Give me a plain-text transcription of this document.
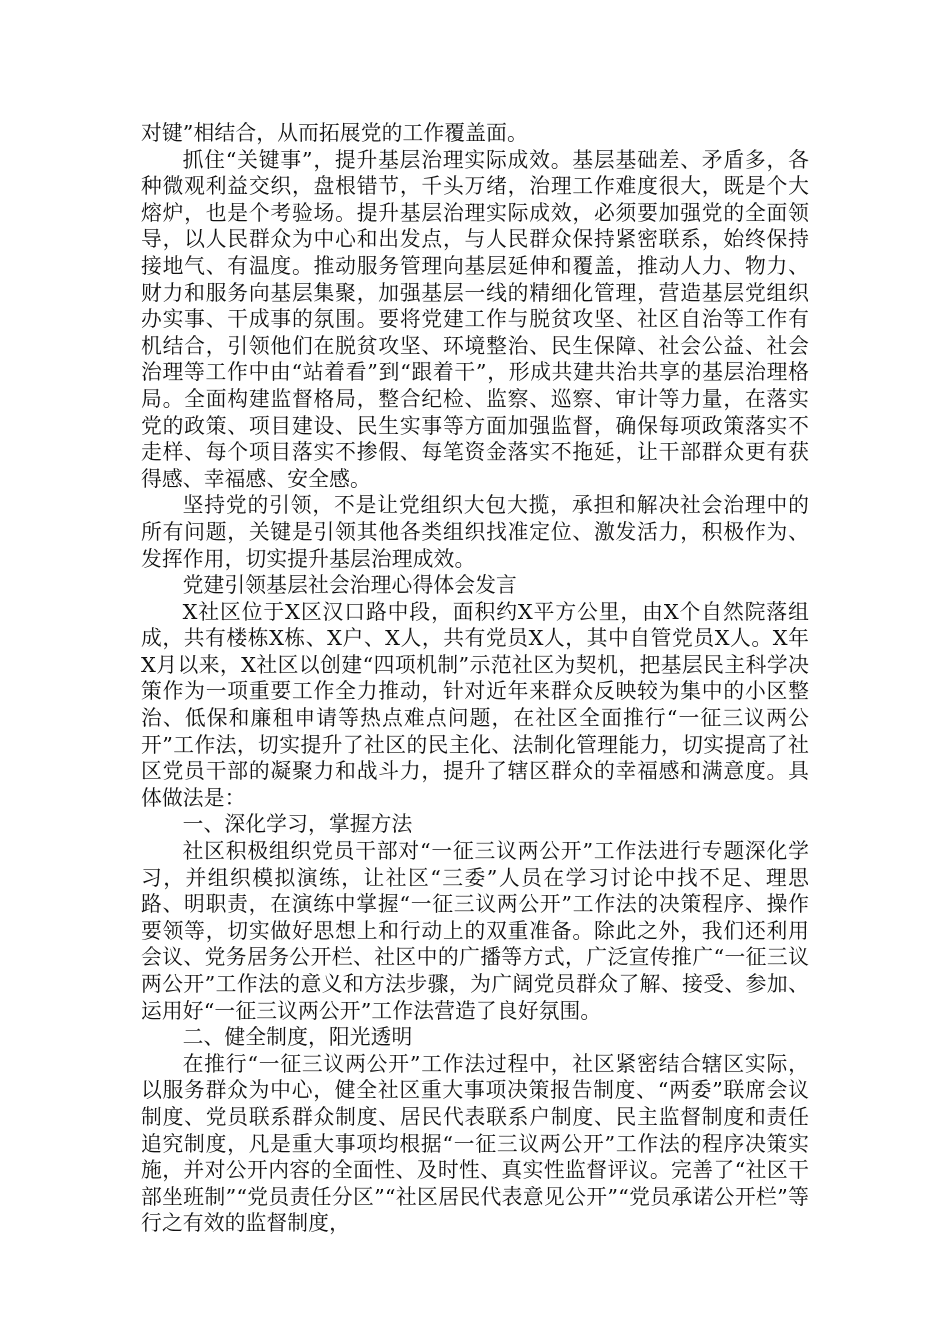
对键”相结合，从而拓展党的工作覆盖面。

抓住“关键事”，提升基层治理实际成效。基层基础差、矛盾多，各种微观利益交织，盘根错节，千头万绪，治理工作难度很大，既是个大熔炉，也是个考验场。提升基层治理实际成效，必须要加强党的全面领导，以人民群众为中心和出发点，与人民群众保持紧密联系，始终保持接地气、有温度。推动服务管理向基层延伸和覆盖，推动人力、物力、财力和服务向基层集聚，加强基层一线的精细化管理，营造基层党组织办实事、干成事的氛围。要将党建工作与脱贫攻坚、社区自治等工作有机结合，引领他们在脱贫攻坚、环境整治、民生保障、社会公益、社会治理等工作中由“站着看”到“跟着干”，形成共建共治共享的基层治理格局。全面构建监督格局，整合纪检、监察、巡察、审计等力量，在落实党的政策、项目建设、民生实事等方面加强监督，确保每项政策落实不走样、每个项目落实不掺假、每笔资金落实不拖延，让干部群众更有获得感、幸福感、安全感。

坚持党的引领，不是让党组织大包大揽，承担和解决社会治理中的所有问题，关键是引领其他各类组织找准定位、激发活力，积极作为、发挥作用，切实提升基层治理成效。

党建引领基层社会治理心得体会发言

X社区位于X区汉口路中段，面积约X平方公里，由X个自然院落组成，共有楼栋X栋、X户、X人，共有党员X人，其中自管党员X人。X年X月以来，X社区以创建“四项机制”示范社区为契机，把基层民主科学决策作为一项重要工作全力推动，针对近年来群众反映较为集中的小区整治、低保和廉租申请等热点难点问题，在社区全面推行“一征三议两公开”工作法，切实提升了社区的民主化、法制化管理能力，切实提高了社区党员干部的凝聚力和战斗力，提升了辖区群众的幸福感和满意度。具体做法是：

一、深化学习，掌握方法

社区积极组织党员干部对“一征三议两公开”工作法进行专题深化学习，并组织模拟演练，让社区“三委”人员在学习讨论中找不足、理思路、明职责，在演练中掌握“一征三议两公开”工作法的决策程序、操作要领等，切实做好思想上和行动上的双重准备。除此之外，我们还利用会议、党务居务公开栏、社区中的广播等方式，广泛宣传推广“一征三议两公开”工作法的意义和方法步骤，为广阔党员群众了解、接受、参加、运用好“一征三议两公开”工作法营造了良好氛围。

二、健全制度，阳光透明

在推行“一征三议两公开”工作法过程中，社区紧密结合辖区实际，以服务群众为中心，健全社区重大事项决策报告制度、“两委”联席会议制度、党员联系群众制度、居民代表联系户制度、民主监督制度和责任追究制度，凡是重大事项均根据“一征三议两公开”工作法的程序决策实施，并对公开内容的全面性、及时性、真实性监督评议。完善了“社区干部坐班制”“党员责任分区”“社区居民代表意见公开”“党员承诺公开栏”等行之有效的监督制度，
